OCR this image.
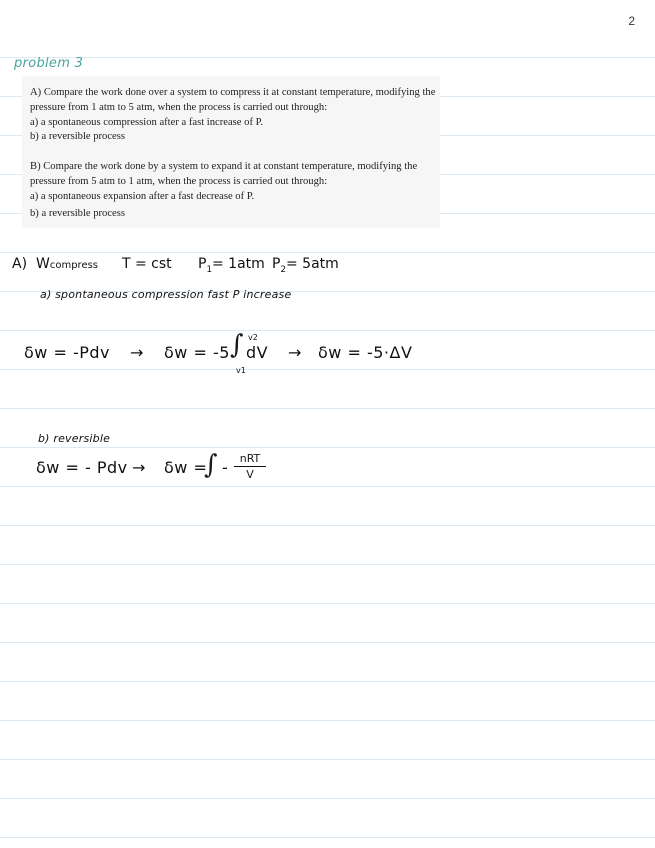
2
problem 3

A) Compare the work done over a system to compress it at constant temperature, modifying the pressure from 1 atm to 5 atm, when the process is carried out through:

a) a spontaneous compression after a fast increase of P.

b) a reversible process

B) Compare the work done by a system to expand it at constant temperature, modifying the pressure from 5 atm to 1 atm, when the process is carried out through:

a) a spontaneous expansion after a fast decrease of P.

b) a reversible process

A) Wcompress T = cst $P_1= 1atm$ $P_2= 5atm$
a) spontaneous compression fast P increase
δw = -Pdv → δw = -5 ∫ v2
v1
dV → δw = -5·ΔV
b) reversible
δw = - Pdv → δw =
∫ -	nRT
V
